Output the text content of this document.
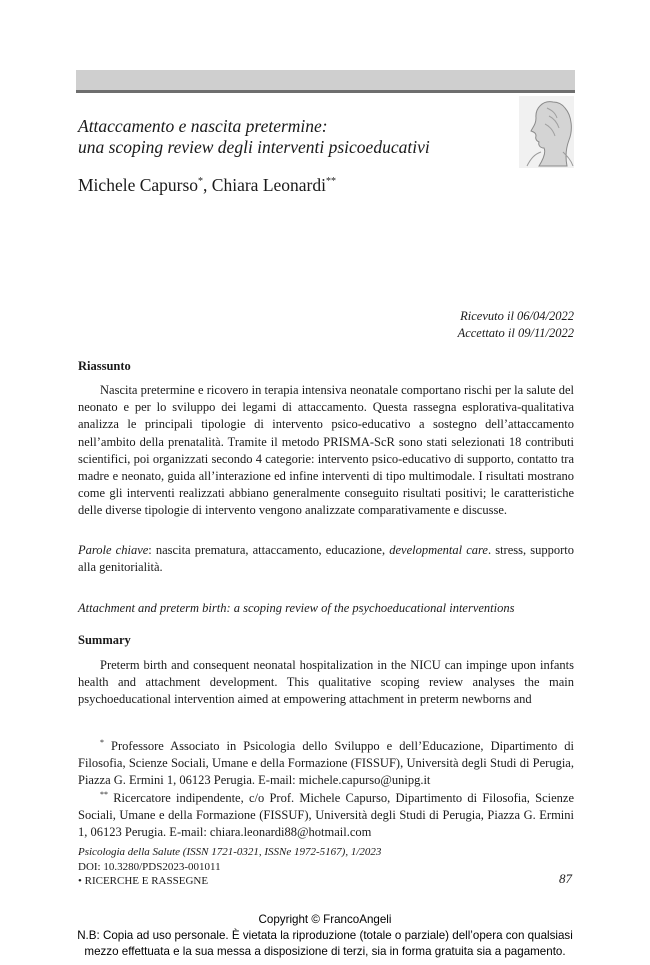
Attaccamento e nascita pretermine:
una scoping review degli interventi psicoeducativi
Michele Capurso*, Chiara Leonardi**
Ricevuto il 06/04/2022
Accettato il 09/11/2022
Riassunto
Nascita pretermine e ricovero in terapia intensiva neonatale comportano rischi per la salute del neonato e per lo sviluppo dei legami di attaccamento. Questa rassegna esplorativa-qualitativa analizza le principali tipologie di intervento psico-educativo a sostegno dell’attaccamento nell’ambito della prenatalità. Tramite il metodo PRISMA-ScR sono stati selezionati 18 contributi scientifici, poi organizzati secondo 4 categorie: intervento psico-educativo di supporto, contatto tra madre e neonato, guida all’interazione ed infine interventi di tipo multimodale. I risultati mostrano come gli interventi realizzati abbiano generalmente conseguito risultati positivi; le caratteristiche delle diverse tipologie di intervento vengono analizzate comparativamente e discusse.
Parole chiave: nascita prematura, attaccamento, educazione, developmental care. stress, supporto alla genitorialità.
Attachment and preterm birth: a scoping review of the psychoeducational interventions
Summary
Preterm birth and consequent neonatal hospitalization in the NICU can impinge upon infants health and attachment development. This qualitative scoping review analyses the main psychoeducational intervention aimed at empowering attachment in preterm newborns and
* Professore Associato in Psicologia dello Sviluppo e dell’Educazione, Dipartimento di Filosofia, Scienze Sociali, Umane e della Formazione (FISSUF), Università degli Studi di Perugia, Piazza G. Ermini 1, 06123 Perugia. E-mail: michele.capurso@unipg.it
** Ricercatore indipendente, c/o Prof. Michele Capurso, Dipartimento di Filosofia, Scienze Sociali, Umane e della Formazione (FISSUF), Università degli Studi di Perugia, Piazza G. Ermini 1, 06123 Perugia. E-mail: chiara.leonardi88@hotmail.com
Psicologia della Salute (ISSN 1721-0321, ISSNe 1972-5167), 1/2023
DOI: 10.3280/PDS2023-001011
• RICERCHE E RASSEGNE	87
Copyright © FrancoAngeli
N.B: Copia ad uso personale. È vietata la riproduzione (totale o parziale) dell’opera con qualsiasi
mezzo effettuata e la sua messa a disposizione di terzi, sia in forma gratuita sia a pagamento.
